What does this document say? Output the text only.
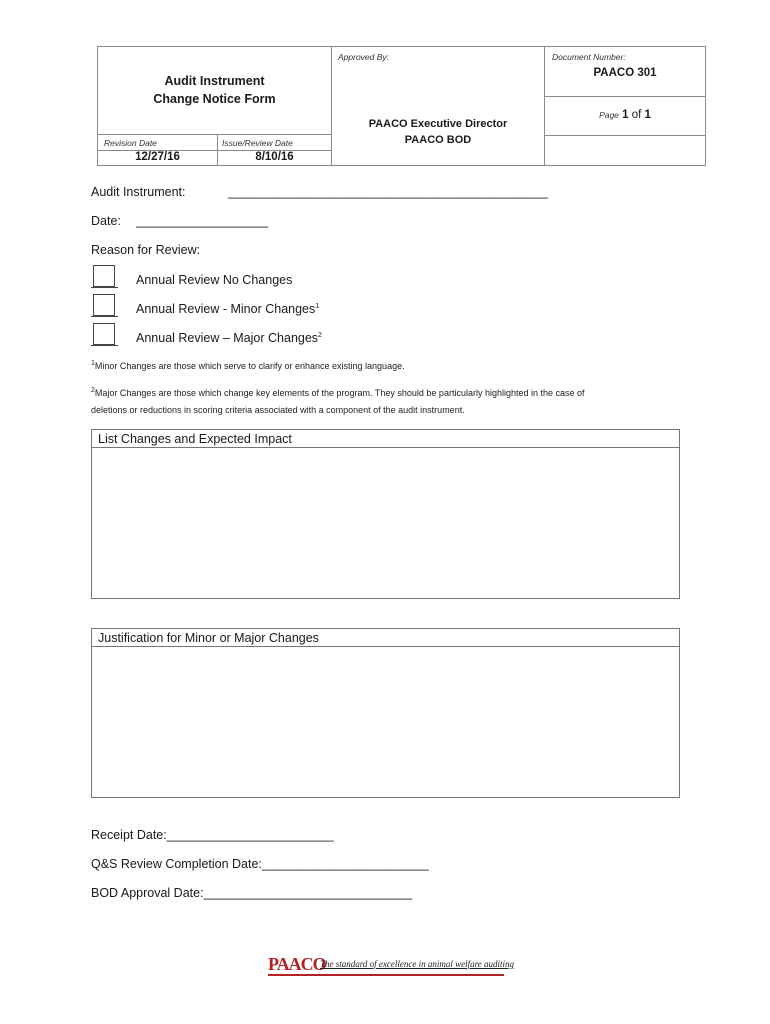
Audit Instrument
Change Notice Form
Revision Date	Issue/Review Date
12/27/16	8/10/16
Approved By:
PAACO Executive Director
PAACO BOD
Document Number:
PAACO 301
Page 1 of 1
Audit Instrument:	______________________________________________
Date: ___________________
Reason for Review:
Annual Review No Changes
Annual Review - Minor Changes$^1$
Annual Review – Major Changes$^2$
$^1$Minor Changes are those which serve to clarify or enhance existing language.
$^2$Major Changes are those which change key elements of the program. They should be particularly highlighted in the case of
deletions or reductions in scoring criteria associated with a component of the audit instrument.
List Changes and Expected Impact
Justification for Minor or Major Changes
Receipt Date:________________________
Q&S Review Completion Date:________________________
BOD Approval Date:______________________________
PAACO
The standard of excellence in animal welfare auditing
